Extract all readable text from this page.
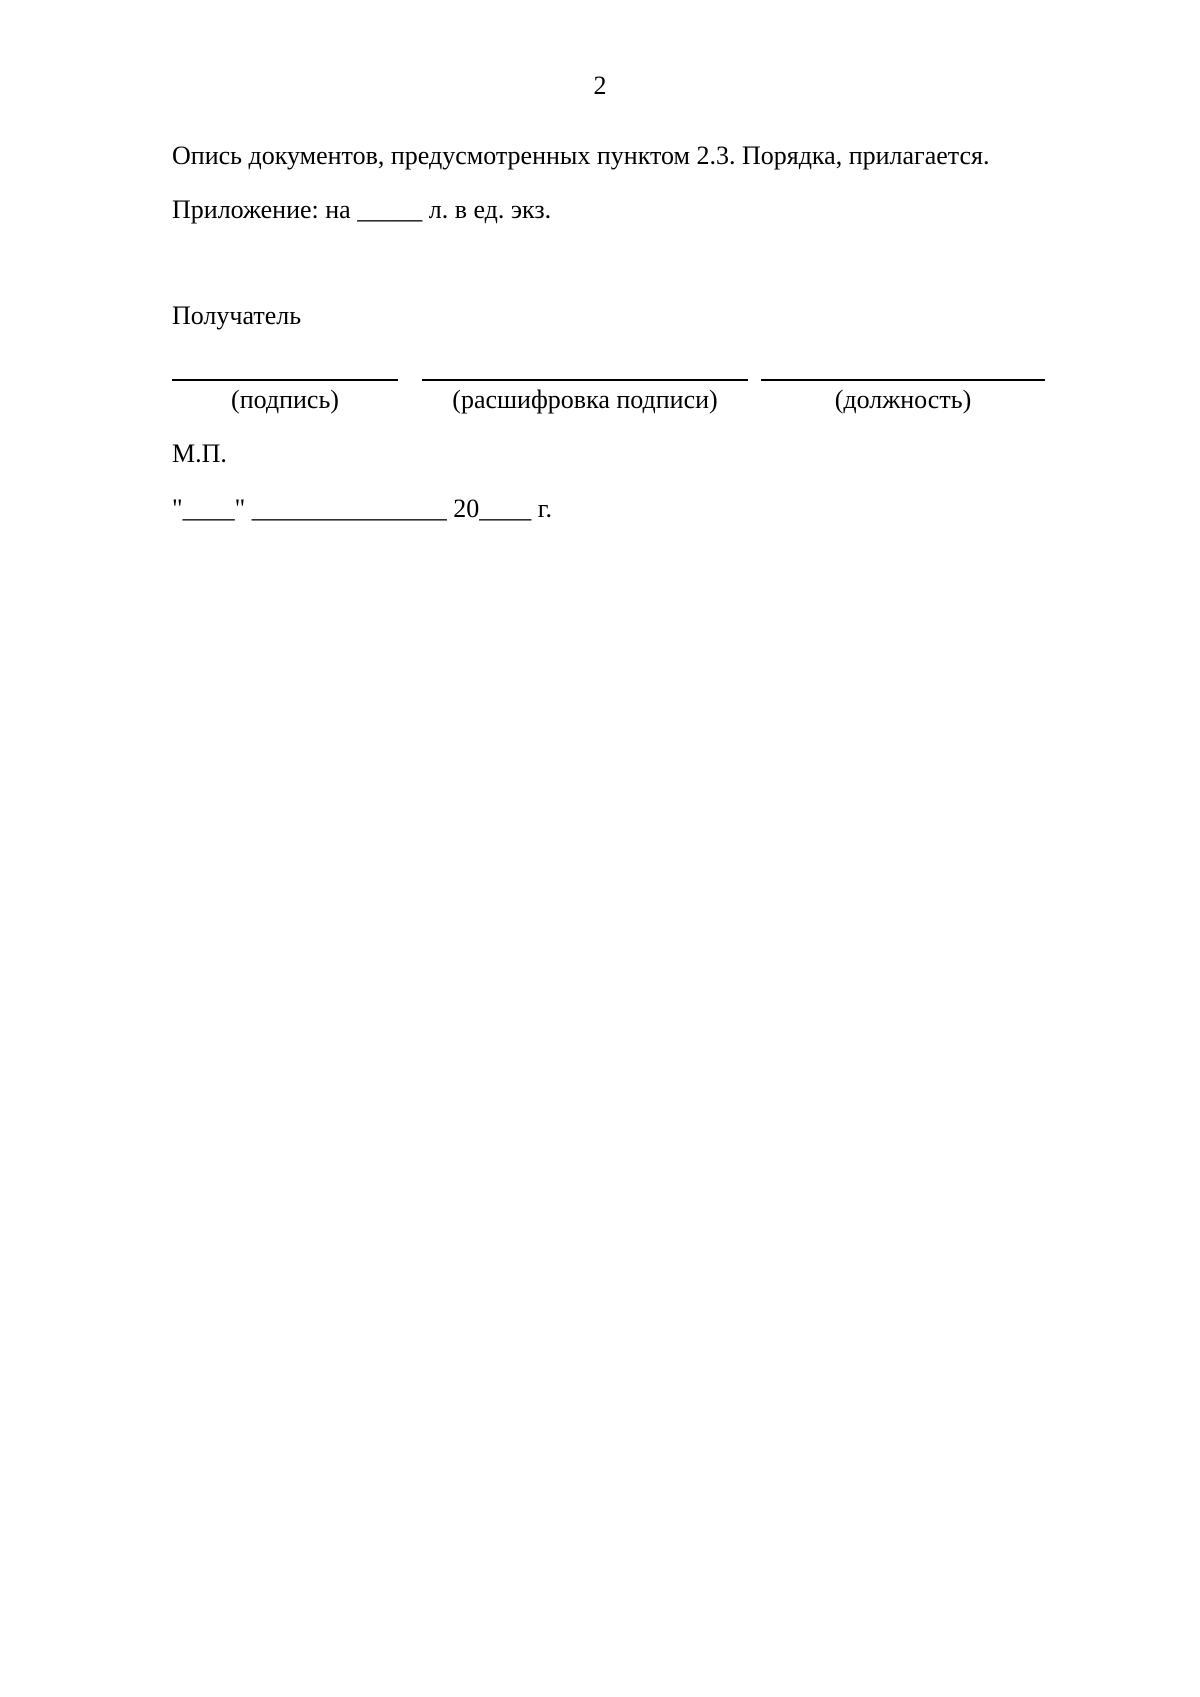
2
Опись документов, предусмотренных пунктом 2.3. Порядка, прилагается.
Приложение: на _____ л. в ед. экз.
Получатель
(подпись)	(расшифровка подписи)	(должность)
М.П.
"____" _______________ 20____ г.
